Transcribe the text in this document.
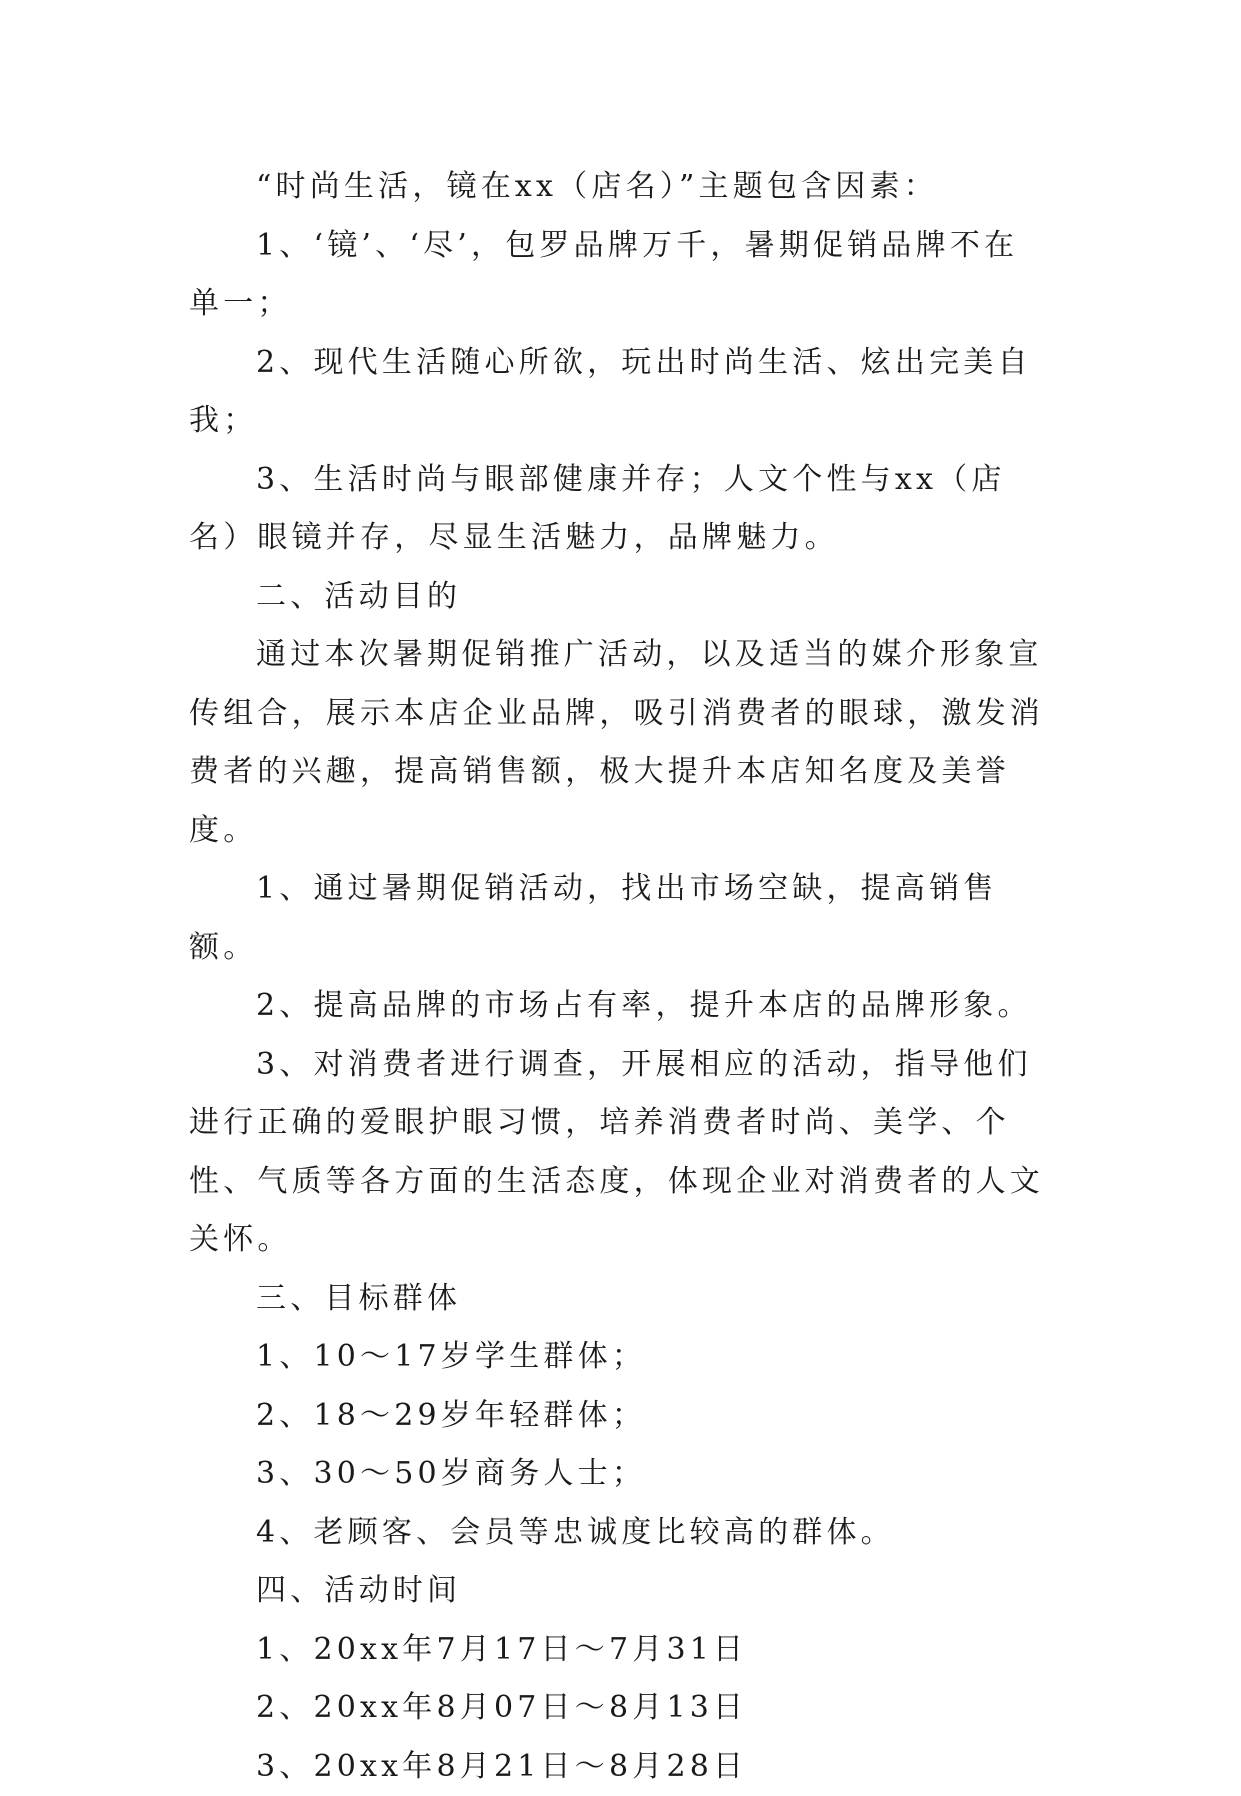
“时尚生活，镜在xx（店名）”主题包含因素：

1、‘镜’、‘尽’，包罗品牌万千，暑期促销品牌不在单一；

2、现代生活随心所欲，玩出时尚生活、炫出完美自我；

3、生活时尚与眼部健康并存；人文个性与xx（店名）眼镜并存，尽显生活魅力，品牌魅力。

二、活动目的

通过本次暑期促销推广活动，以及适当的媒介形象宣传组合，展示本店企业品牌，吸引消费者的眼球，激发消费者的兴趣，提高销售额，极大提升本店知名度及美誉度。

1、通过暑期促销活动，找出市场空缺，提高销售额。

2、提高品牌的市场占有率，提升本店的品牌形象。

3、对消费者进行调查，开展相应的活动，指导他们进行正确的爱眼护眼习惯，培养消费者时尚、美学、个性、气质等各方面的生活态度，体现企业对消费者的人文关怀。

三、目标群体

1、10～17岁学生群体；

2、18～29岁年轻群体；

3、30～50岁商务人士；

4、老顾客、会员等忠诚度比较高的群体。

四、活动时间

1、20xx年7月17日～7月31日

2、20xx年8月07日～8月13日

3、20xx年8月21日～8月28日
